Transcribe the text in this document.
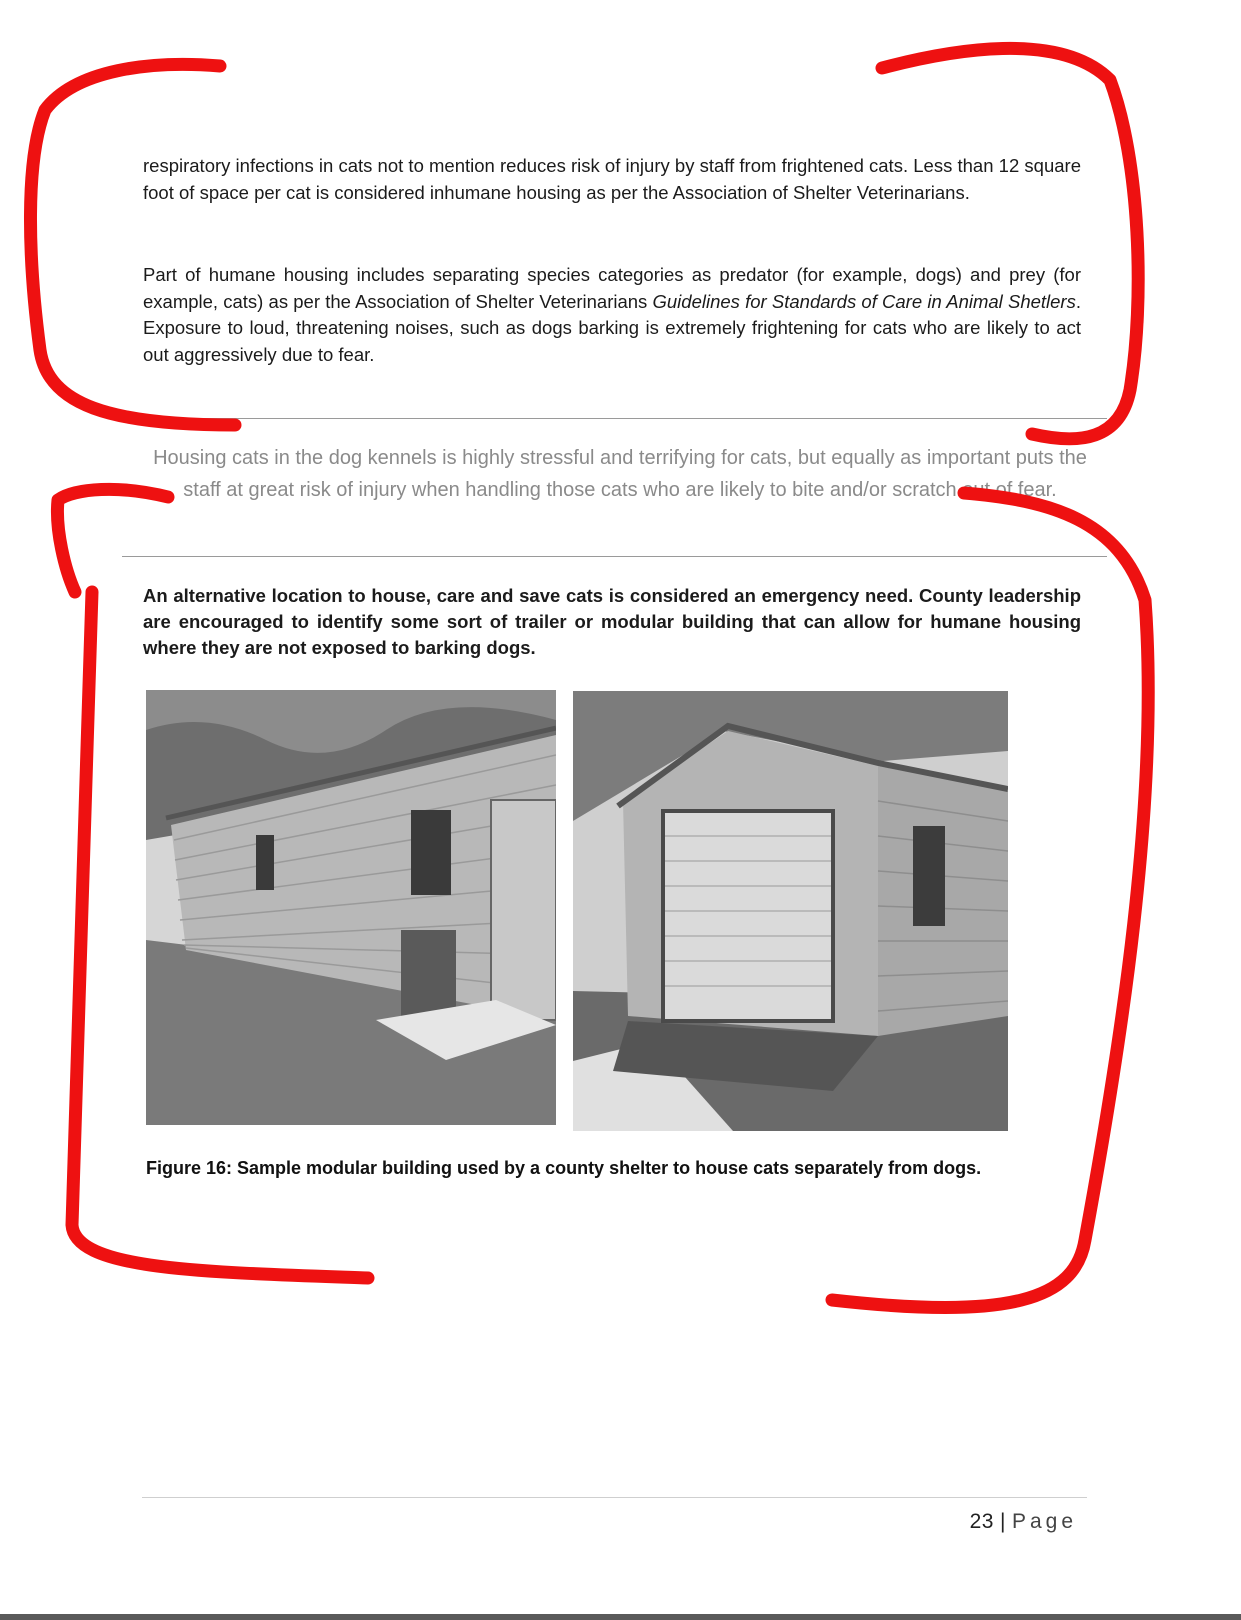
respiratory infections in cats not to mention reduces risk of injury by staff from frightened cats. Less than 12 square foot of space per cat is considered inhumane housing as per the Association of Shelter Veterinarians.

Part of humane housing includes separating species categories as predator (for example, dogs) and prey (for example, cats) as per the Association of Shelter Veterinarians Guidelines for Standards of Care in Animal Shetlers. Exposure to loud, threatening noises, such as dogs barking is extremely frightening for cats who are likely to act out aggressively due to fear.

Housing cats in the dog kennels is highly stressful and terrifying for cats, but equally as important puts the staff at great risk of injury when handling those cats who are likely to bite and/or scratch out of fear.

An alternative location to house, care and save cats is considered an emergency need. County leadership are encouraged to identify some sort of trailer or modular building that can allow for humane housing where they are not exposed to barking dogs.

Figure 16: Sample modular building used by a county shelter to house cats separately from dogs.

23 | Page
